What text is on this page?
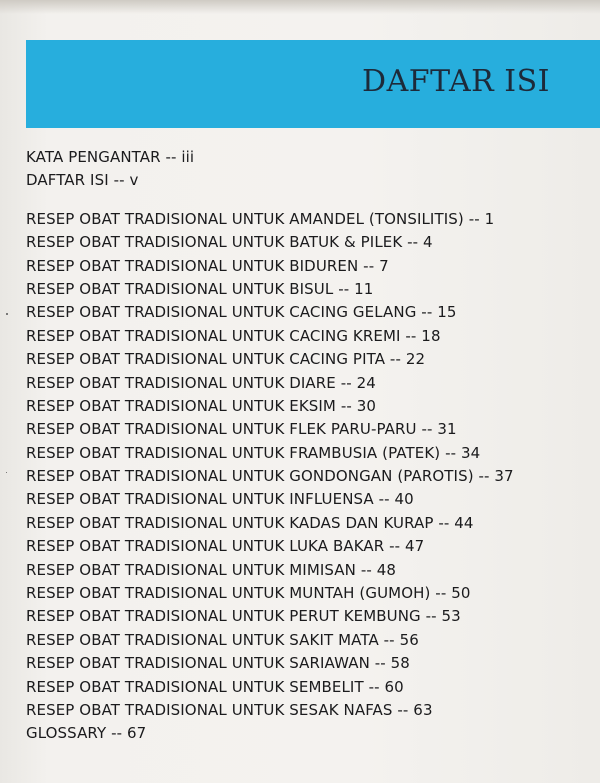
DAFTAR ISI
KATA PENGANTAR -- iii
DAFTAR ISI -- v
RESEP OBAT TRADISIONAL UNTUK AMANDEL (TONSILITIS) -- 1
RESEP OBAT TRADISIONAL UNTUK BATUK & PILEK -- 4
RESEP OBAT TRADISIONAL UNTUK BIDUREN -- 7
RESEP OBAT TRADISIONAL UNTUK BISUL -- 11
RESEP OBAT TRADISIONAL UNTUK CACING GELANG -- 15
RESEP OBAT TRADISIONAL UNTUK CACING KREMI -- 18
RESEP OBAT TRADISIONAL UNTUK CACING PITA -- 22
RESEP OBAT TRADISIONAL UNTUK DIARE -- 24
RESEP OBAT TRADISIONAL UNTUK EKSIM -- 30
RESEP OBAT TRADISIONAL UNTUK FLEK PARU-PARU -- 31
RESEP OBAT TRADISIONAL UNTUK FRAMBUSIA (PATEK) -- 34
RESEP OBAT TRADISIONAL UNTUK GONDONGAN (PAROTIS) -- 37
RESEP OBAT TRADISIONAL UNTUK INFLUENSA -- 40
RESEP OBAT TRADISIONAL UNTUK KADAS DAN KURAP -- 44
RESEP OBAT TRADISIONAL UNTUK LUKA BAKAR -- 47
RESEP OBAT TRADISIONAL UNTUK MIMISAN -- 48
RESEP OBAT TRADISIONAL UNTUK MUNTAH (GUMOH) -- 50
RESEP OBAT TRADISIONAL UNTUK PERUT KEMBUNG -- 53
RESEP OBAT TRADISIONAL UNTUK SAKIT MATA -- 56
RESEP OBAT TRADISIONAL UNTUK SARIAWAN -- 58
RESEP OBAT TRADISIONAL UNTUK SEMBELIT -- 60
RESEP OBAT TRADISIONAL UNTUK SESAK NAFAS -- 63
GLOSSARY -- 67
